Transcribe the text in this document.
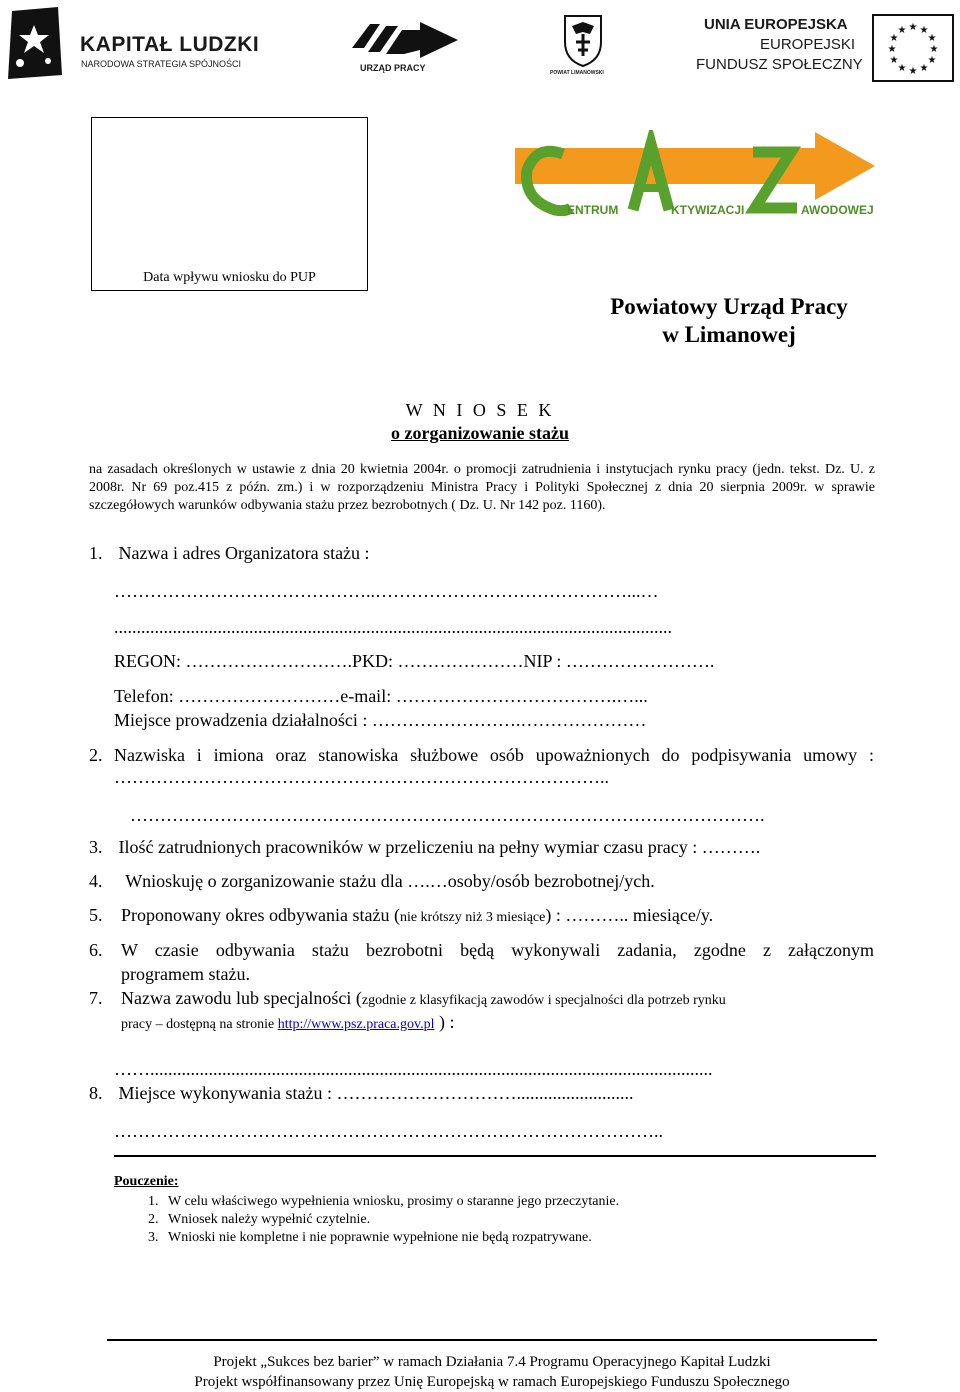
KAPITAŁ LUDZKI
NARODOWA STRATEGIA SPÓJNOŚCI	URZĄD PRACY	POWIAT LIMANOWSKI
UNIA EUROPEJSKA
EUROPEJSKI
FUNDUSZ SPOŁECZNY
★ ★
★
★
★
★
★
★
★
★
★
★
Data wpływu wniosku do PUP
ENTRUM	KTYWIZACJI	AWODOWEJ
Powiatowy Urząd Pracy
w Limanowej
W N I O S E K
o zorganizowanie stażu
na zasadach określonych w ustawie z dnia 20 kwietnia 2004r. o promocji zatrudnienia i instytucjach rynku pracy (jedn. tekst. Dz. U. z 2008r. Nr 69 poz.415 z późn. zm.) i w rozporządzeniu Ministra Pracy i Polityki Społecznej z dnia 20 sierpnia 2009r. w sprawie szczegółowych warunków odbywania stażu przez bezrobotnych ( Dz. U. Nr 142 poz. 1160).
1. Nazwa i adres Organizatora stażu :
……………………………………..……………………………………...…
............................................................................................................................
REGON: ……………………….PKD: …………………NIP : …………………….
Telefon: ………………………e-mail: ……………………………….…...
Miejsce prowadzenia działalności : …………………….…………………
2. Nazwiska i imiona oraz stanowiska służbowe osób upoważnionych do podpisywania umowy : ………………………………………………………………………..
…………………………………………………………………………………………….
3. Ilość zatrudnionych pracowników w przeliczeniu na pełny wymiar czasu pracy : ……….
4. Wnioskuję o zorganizowanie stażu dla ….…osoby/osób bezrobotnej/ych.
5. Proponowany okres odbywania stażu (nie krótszy niż 3 miesiące) : ……….. miesiące/y.
6. W czasie odbywania stażu bezrobotni będą wykonywali zadania, zgodne z załączonym
programem stażu.
7. Nazwa zawodu lub specjalności (zgodnie z klasyfikacją zawodów i specjalności dla potrzeb rynku
pracy – dostępną na stronie http://www.psz.praca.gov.pl ) :
…….............................................................................................................................
8. Miejsce wykonywania stażu : …………………………..........................
………………………………………………………………………………..
Pouczenie:
1. W celu właściwego wypełnienia wniosku, prosimy o staranne jego przeczytanie.
2. Wniosek należy wypełnić czytelnie.
3. Wnioski nie kompletne i nie poprawnie wypełnione nie będą rozpatrywane.
Projekt „Sukces bez barier” w ramach Działania 7.4 Programu Operacyjnego Kapitał Ludzki
Projekt współfinansowany przez Unię Europejską w ramach Europejskiego Funduszu Społecznego
